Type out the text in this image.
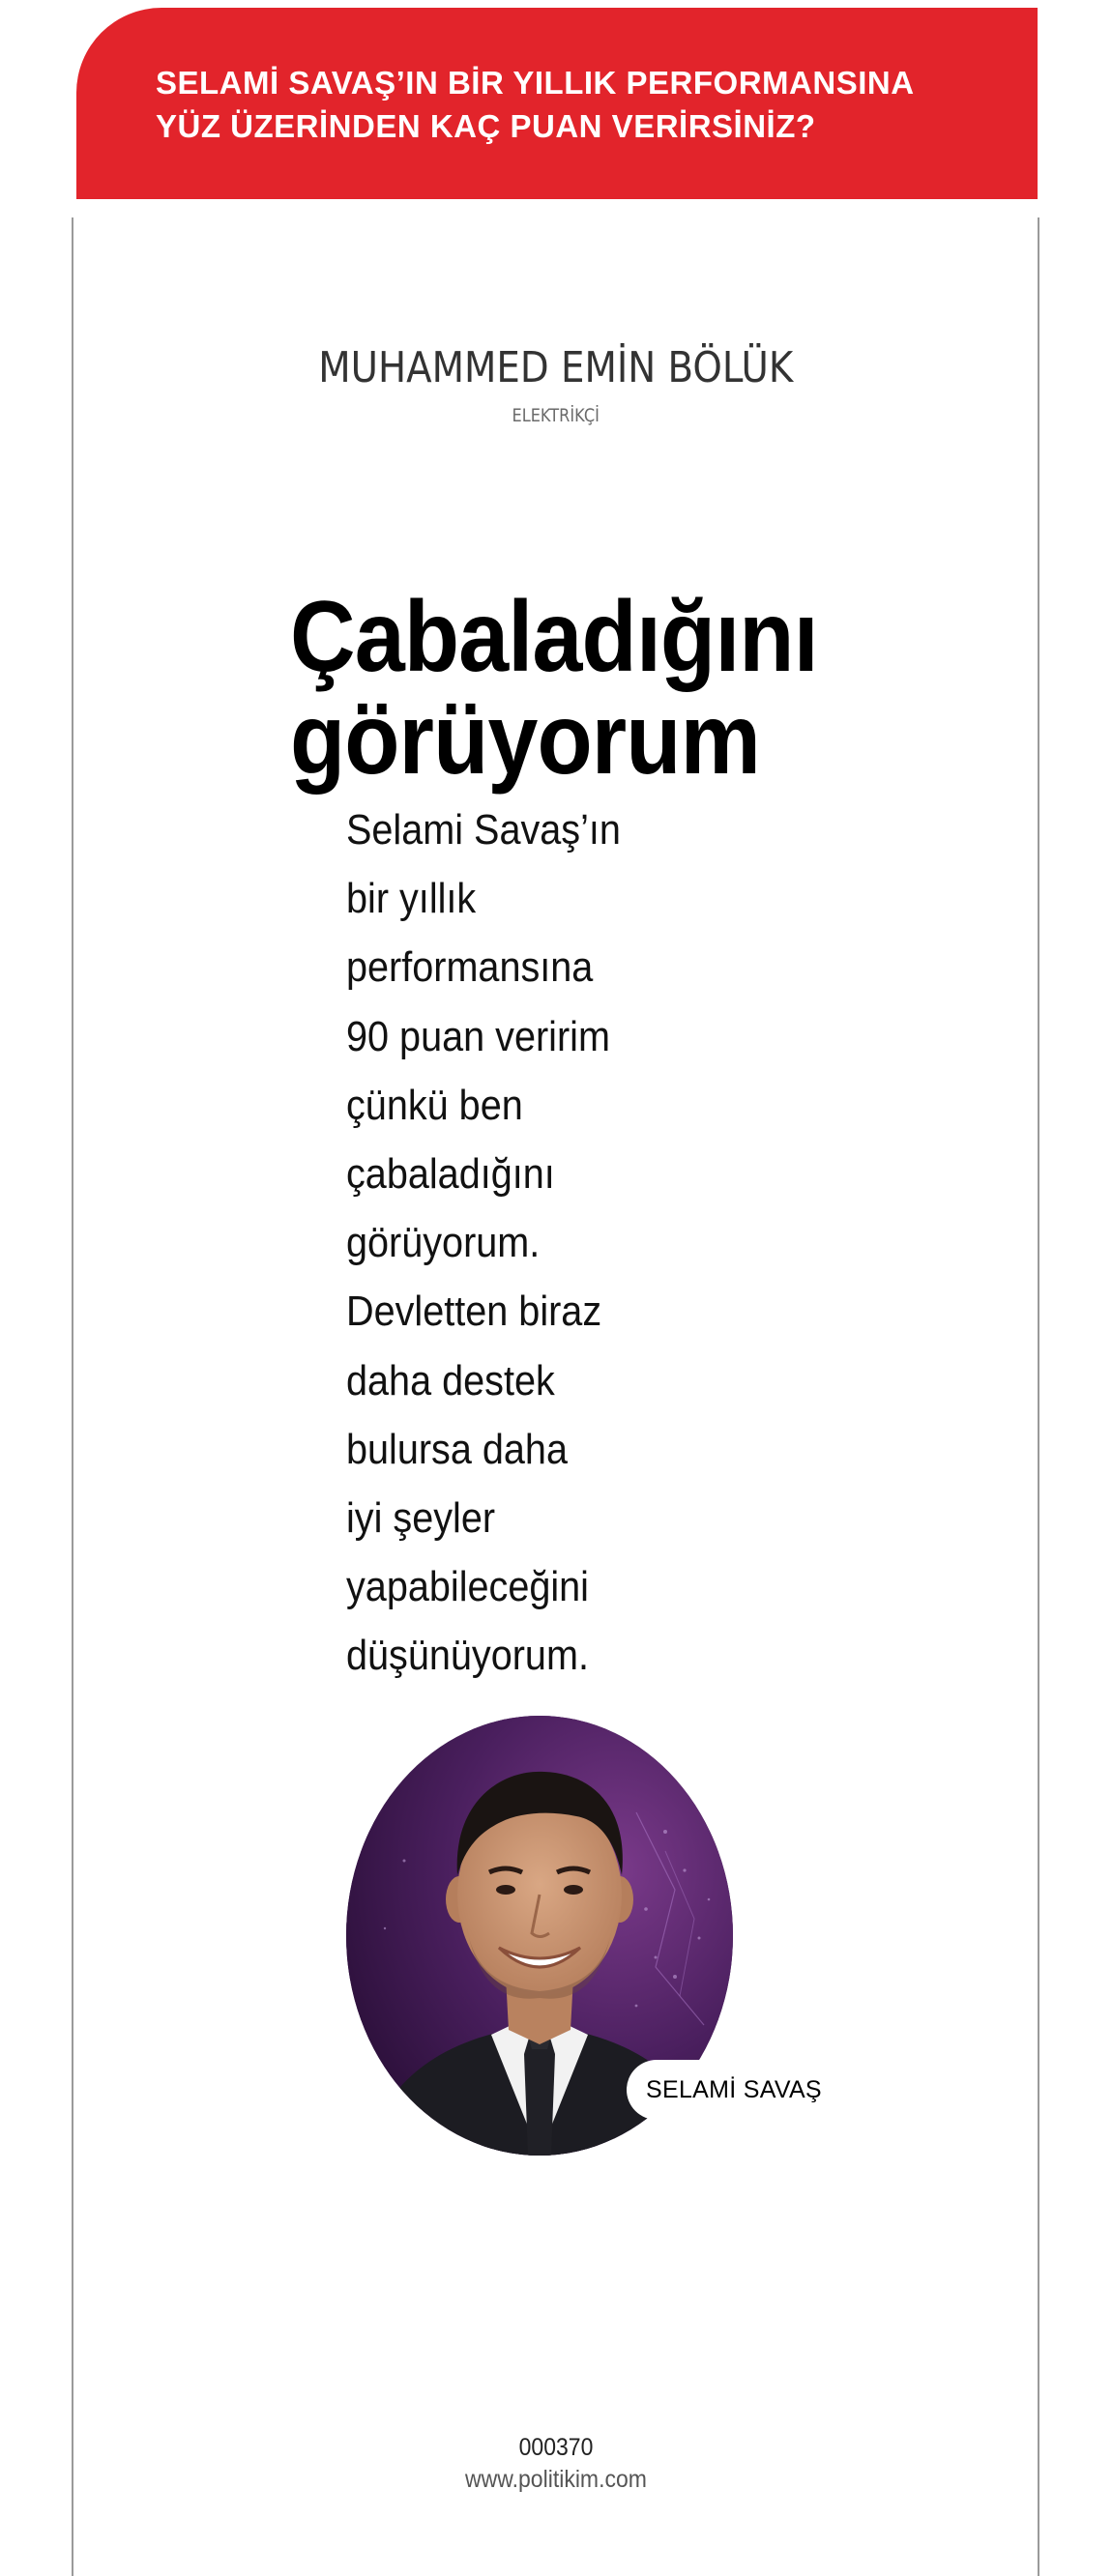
SELAMİ SAVAŞ’IN BİR YILLIK PERFORMANSINA
YÜZ ÜZERİNDEN KAÇ PUAN VERİRSİNİZ?
MUHAMMED EMİN BÖLÜK
ELEKTRİKÇİ
Çabaladığını
görüyorum
Selami Savaş’ın
bir yıllık
performansına
90 puan veririm
çünkü ben
çabaladığını
görüyorum.
Devletten biraz
daha destek
bulursa daha
iyi şeyler
yapabileceğini
düşünüyorum.
SELAMİ SAVAŞ
000370
www.politikim.com
